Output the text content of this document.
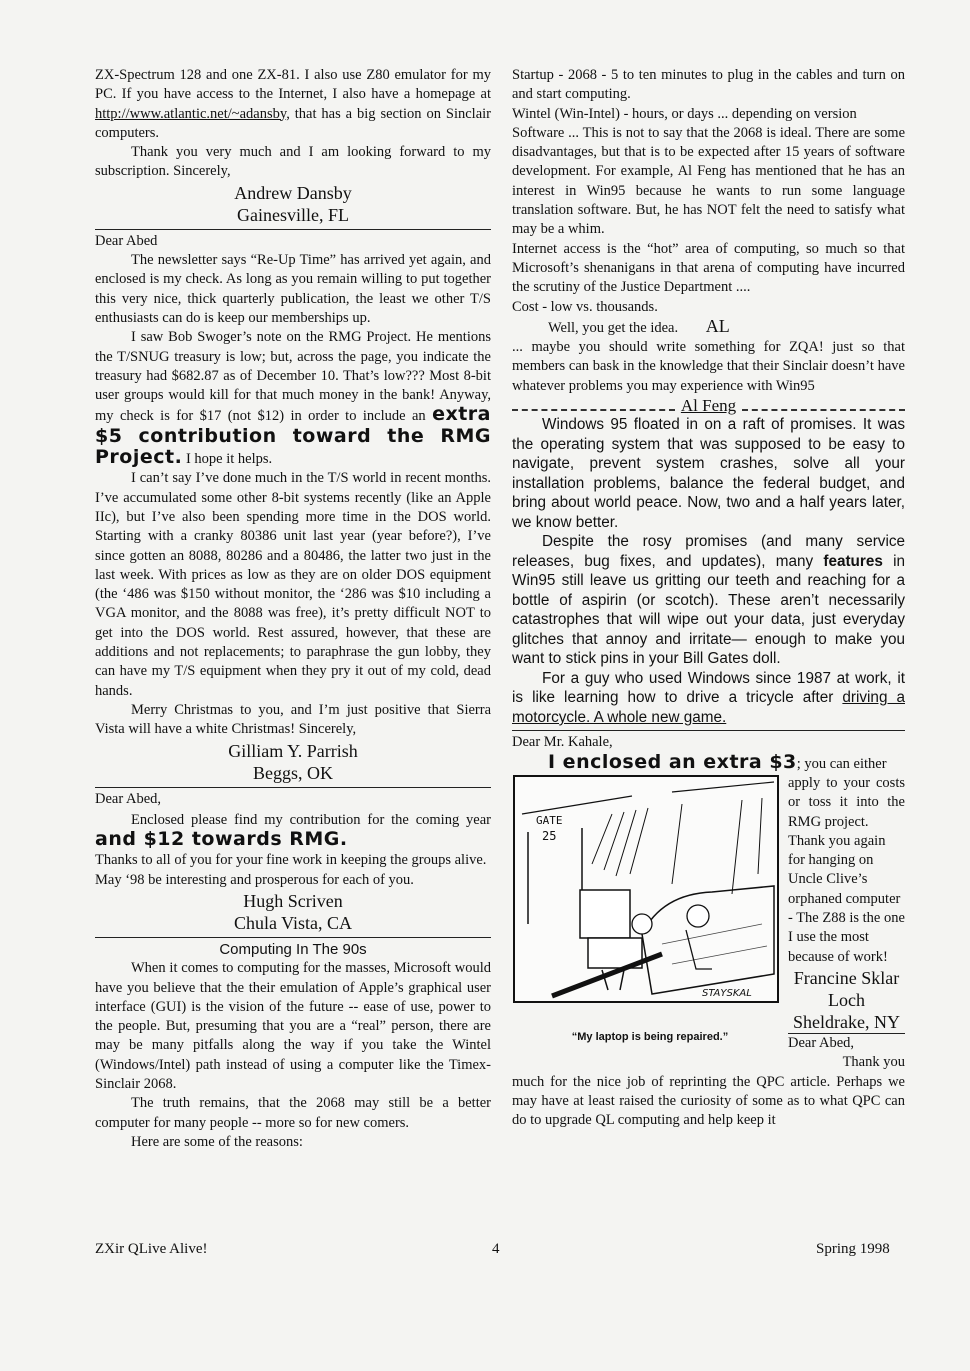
ZX-Spectrum 128 and one ZX-81. I also use Z80 emulator for my PC. If you have access to the Internet, I also have a homepage at http://www.atlantic.net/~adansby, that has a big section on Sinclair computers.

Thank you very much and I am looking forward to my subscription. Sincerely,

Andrew Dansby
Gainesville, FL

Dear Abed

The newsletter says “Re-Up Time” has arrived yet again, and enclosed is my check. As long as you remain willing to put together this very nice, thick quarterly publication, the least we other T/S enthusiasts can do is keep our memberships up.

I saw Bob Swoger’s note on the RMG Project. He mentions the T/SNUG treasury is low; but, across the page, you indicate the treasury had $682.87 as of December 10. That’s low??? Most 8-bit user groups would kill for that much money in the bank! Anyway, my check is for $17 (not $12) in order to include an extra $5 contribution toward the RMG Project. I hope it helps.

I can’t say I’ve done much in the T/S world in recent months. I’ve accumulated some other 8-bit systems recently (like an Apple IIc), but I’ve also been spending more time in the DOS world. Starting with a cranky 80386 unit last year (year before?), I’ve since gotten an 8088, 80286 and a 80486, the latter two just in the last week. With prices as low as they are on older DOS equipment (the ‘486 was $150 without monitor, the ‘286 was $10 including a VGA monitor, and the 8088 was free), it’s pretty difficult NOT to get into the DOS world. Rest assured, however, that these are additions and not replacements; to paraphrase the gun lobby, they can have my T/S equipment when they pry it out of my cold, dead hands.

Merry Christmas to you, and I’m just positive that Sierra Vista will have a white Christmas! Sincerely,

Gilliam Y. Parrish
Beggs, OK

Dear Abed,

Enclosed please find my contribution for the coming year and $12 towards RMG.

Thanks to all of you for your fine work in keeping the groups alive.

May ‘98 be interesting and prosperous for each of you.

Hugh Scriven
Chula Vista, CA
Computing In The 90s

When it comes to computing for the masses, Microsoft would have you believe that the their emulation of Apple’s graphical user interface (GUI) is the vision of the future -- ease of use, power to the people. But, presuming that you are a “real” person, there are may be many pitfalls along the way if you take the Wintel (Windows/Intel) path instead of using a computer like the Timex-Sinclair 2068.

The truth remains, that the 2068 may still be a better computer for many people -- more so for new comers.

Here are some of the reasons:

Startup - 2068 - 5 to ten minutes to plug in the cables and turn on and start computing.

Wintel (Win-Intel) - hours, or days ... depending on version

Software ... This is not to say that the 2068 is ideal. There are some disadvantages, but that is to be expected after 15 years of software development. For example, Al Feng has mentioned that he has an interest in Win95 because he wants to run some language translation software. But, he has NOT felt the need to satisfy what may be a whim.

Internet access is the “hot” area of computing, so much so that Microsoft’s shenanigans in that arena of computing have incurred the scrutiny of the Justice Department ....

Cost - low vs. thousands.

Well, you get the idea. AL

... maybe you should write something for ZQA! just so that members can bask in the knowledge that their Sinclair doesn’t have whatever problems you may experience with Win95

Al Feng

Windows 95 floated in on a raft of promises. It was the operating system that was supposed to be easy to navigate, prevent system crashes, solve all your installation problems, balance the federal budget, and bring about world peace. Now, two and a half years later, we know better.

Despite the rosy promises (and many service releases, bug fixes, and updates), many features in Win95 still leave us gritting our teeth and reaching for a bottle of aspirin (or scotch). These aren’t necessarily catastrophes that will wipe out your data, just everyday glitches that annoy and irritate— enough to make you want to stick pins in your Bill Gates doll.

For a guy who used Windows since 1987 at work, it is like learning how to drive a tricycle after driving a motorcycle. A whole new game.

Dear Mr. Kahale,

I enclosed an extra $3; you can either

GATE
25
STAYSKAL
“My laptop is being repaired.”

apply to your costs or toss it into the RMG project.

Thank you again for hanging on Uncle Clive’s orphaned computer - The Z88 is the one I use the most because of work!

Francine Sklar
Loch
Sheldrake, NY

Dear Abed,

Thank you

much for the nice job of reprinting the QPC article. Perhaps we may have at least raised the curiosity of some as to what QPC can do to upgrade QL computing and help keep it

ZXir QLive Alive!	4	Spring 1998
